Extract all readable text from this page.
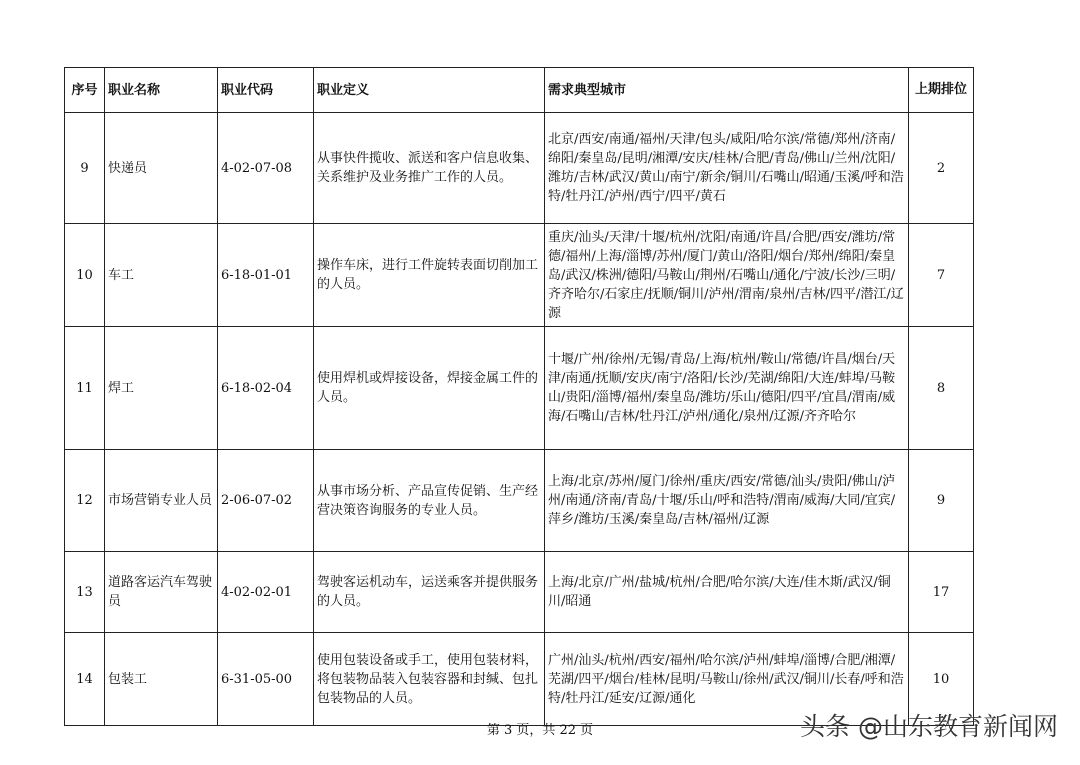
序号	职业名称	职业代码	职业定义	需求典型城市	上期排位
9	快递员	4-02-07-08	从事快件揽收、派送和客户信息收集、关系维护及业务推广工作的人员。	北京/西安/南通/福州/天津/包头/咸阳/哈尔滨/常德/郑州/济南/绵阳/秦皇岛/昆明/湘潭/安庆/桂林/合肥/青岛/佛山/兰州/沈阳/潍坊/吉林/武汉/黄山/南宁/新余/铜川/石嘴山/昭通/玉溪/呼和浩特/牡丹江/泸州/西宁/四平/黄石	2
10	车工	6-18-01-01	操作车床，进行工件旋转表面切削加工的人员。	重庆/汕头/天津/十堰/杭州/沈阳/南通/许昌/合肥/西安/潍坊/常德/福州/上海/淄博/苏州/厦门/黄山/洛阳/烟台/郑州/绵阳/秦皇岛/武汉/株洲/德阳/马鞍山/荆州/石嘴山/通化/宁波/长沙/三明/齐齐哈尔/石家庄/抚顺/铜川/泸州/渭南/泉州/吉林/四平/潜江/辽源	7
11	焊工	6-18-02-04	使用焊机或焊接设备，焊接金属工件的人员。	十堰/广州/徐州/无锡/青岛/上海/杭州/鞍山/常德/许昌/烟台/天津/南通/抚顺/安庆/南宁/洛阳/长沙/芜湖/绵阳/大连/蚌埠/马鞍山/贵阳/淄博/福州/秦皇岛/潍坊/乐山/德阳/四平/宜昌/渭南/威海/石嘴山/吉林/牡丹江/泸州/通化/泉州/辽源/齐齐哈尔	8
12	市场营销专业人员	2-06-07-02	从事市场分析、产品宣传促销、生产经营决策咨询服务的专业人员。	上海/北京/苏州/厦门/徐州/重庆/西安/常德/汕头/贵阳/佛山/泸州/南通/济南/青岛/十堰/乐山/呼和浩特/渭南/威海/大同/宜宾/萍乡/潍坊/玉溪/秦皇岛/吉林/福州/辽源	9
13	道路客运汽车驾驶员	4-02-02-01	驾驶客运机动车，运送乘客并提供服务的人员。	上海/北京/广州/盐城/杭州/合肥/哈尔滨/大连/佳木斯/武汉/铜川/昭通	17
14	包装工	6-31-05-00	使用包装设备或手工，使用包装材料，将包装物品装入包装容器和封缄、包扎包装物品的人员。	广州/汕头/杭州/西安/福州/哈尔滨/泸州/蚌埠/淄博/合肥/湘潭/芜湖/四平/烟台/桂林/昆明/马鞍山/徐州/武汉/铜川/长春/呼和浩特/牡丹江/延安/辽源/通化	10
第 3 页，共 22 页	头条 @山东教育新闻网
